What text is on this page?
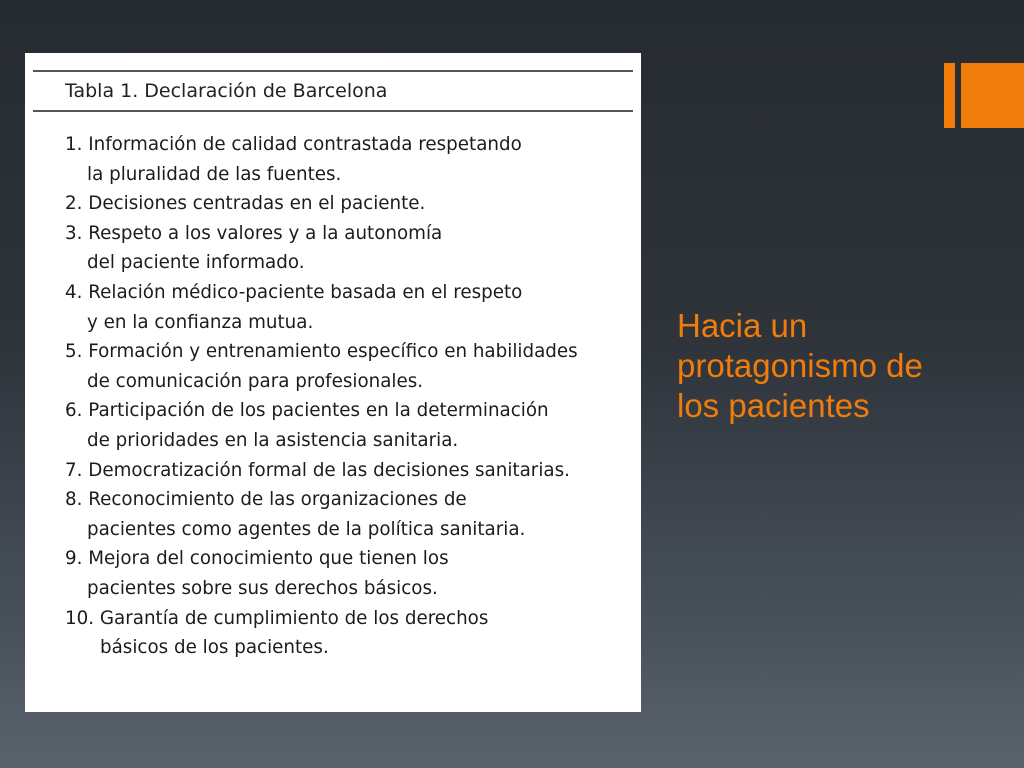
Tabla 1. Declaración de Barcelona
1. Información de calidad contrastada respetando
la pluralidad de las fuentes.
2. Decisiones centradas en el paciente.
3. Respeto a los valores y a la autonomía
del paciente informado.
4. Relación médico-paciente basada en el respeto
y en la confianza mutua.
5. Formación y entrenamiento específico en habilidades
de comunicación para profesionales.
6. Participación de los pacientes en la determinación
de prioridades en la asistencia sanitaria.
7. Democratización formal de las decisiones sanitarias.
8. Reconocimiento de las organizaciones de
pacientes como agentes de la política sanitaria.
9. Mejora del conocimiento que tienen los
pacientes sobre sus derechos básicos.
10. Garantía de cumplimiento de los derechos
básicos de los pacientes.
Hacia un
protagonismo de
los pacientes
